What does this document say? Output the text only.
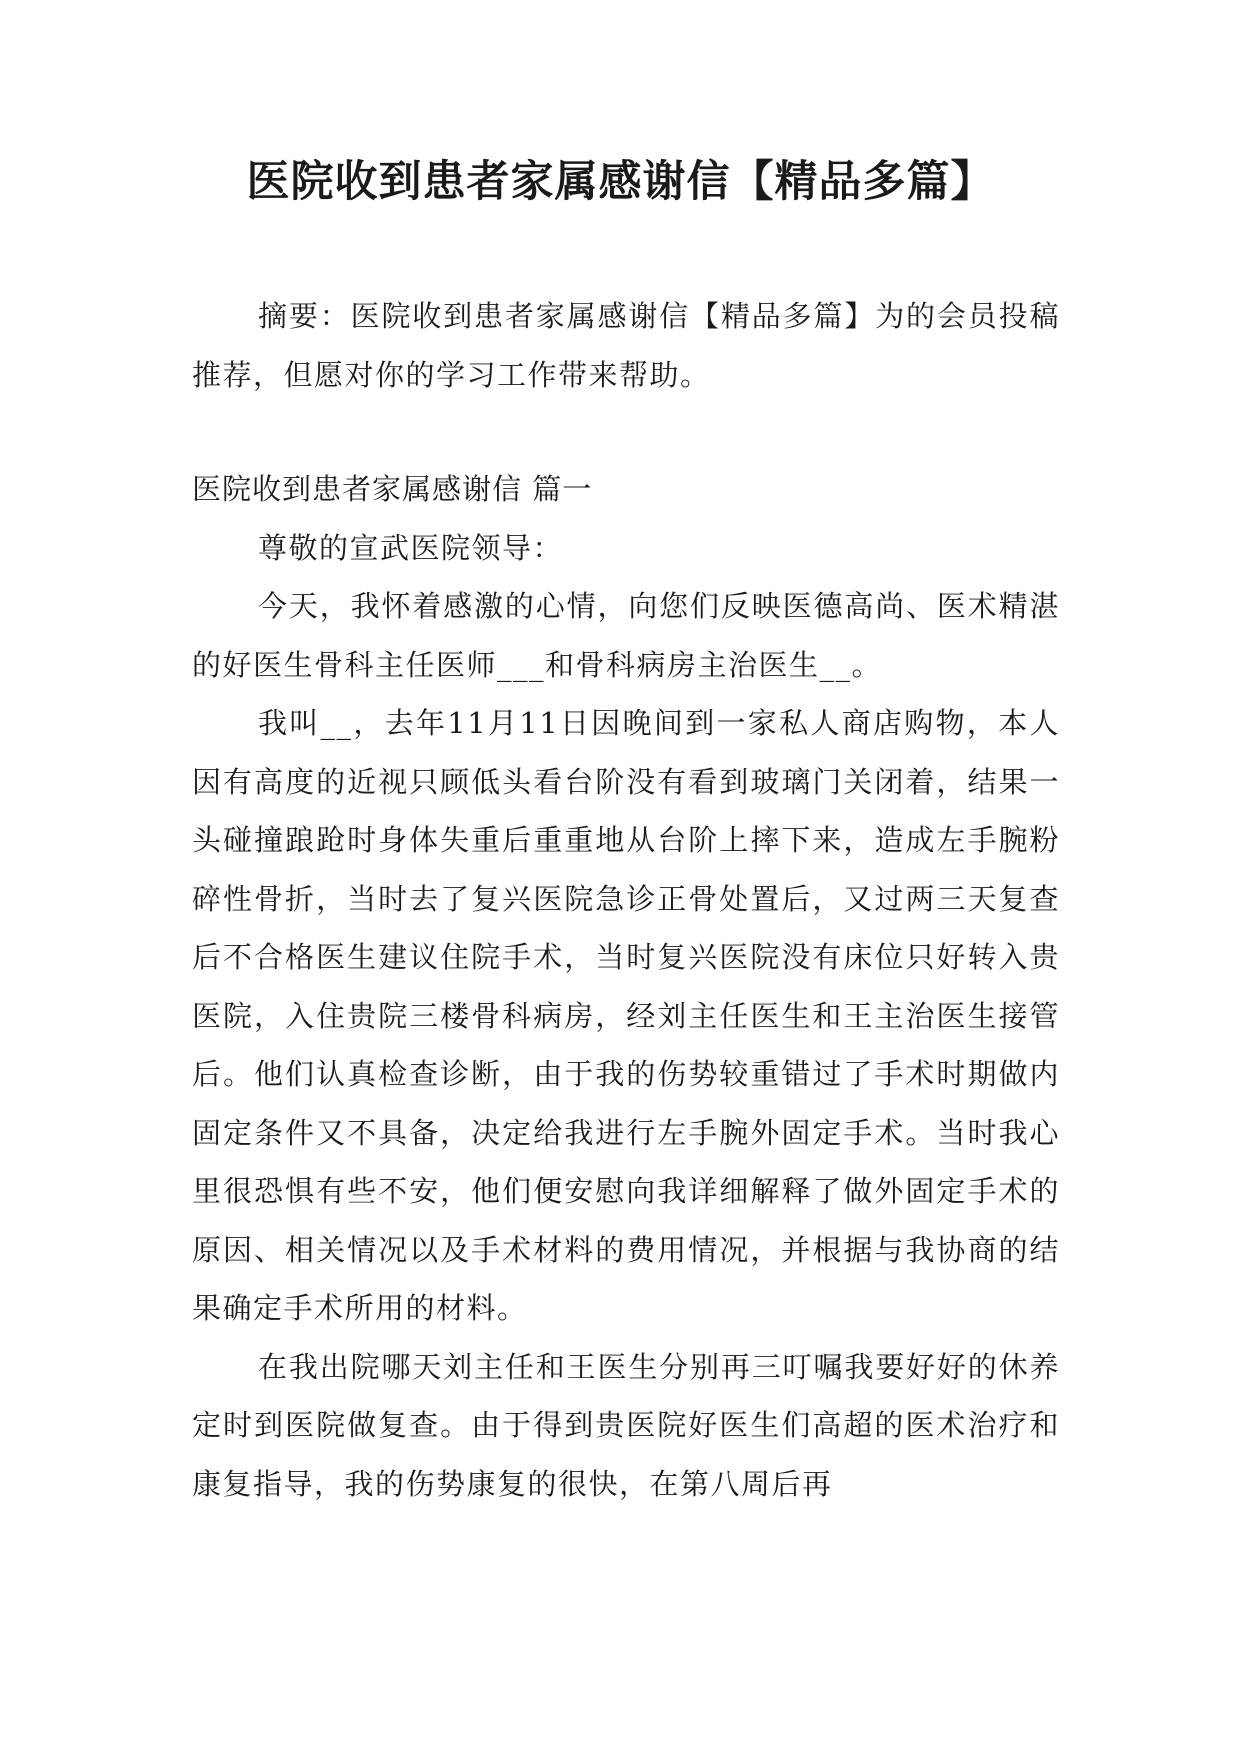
医院收到患者家属感谢信【精品多篇】

摘要：医院收到患者家属感谢信【精品多篇】为的会员投稿推荐，但愿对你的学习工作带来帮助。

医院收到患者家属感谢信 篇一

尊敬的宣武医院领导：

今天，我怀着感激的心情，向您们反映医德高尚、医术精湛的好医生骨科主任医师___和骨科病房主治医生__。

我叫__，去年11月11日因晚间到一家私人商店购物，本人因有高度的近视只顾低头看台阶没有看到玻璃门关闭着，结果一头碰撞踉跄时身体失重后重重地从台阶上摔下来，造成左手腕粉碎性骨折，当时去了复兴医院急诊正骨处置后，又过两三天复查后不合格医生建议住院手术，当时复兴医院没有床位只好转入贵医院，入住贵院三楼骨科病房，经刘主任医生和王主治医生接管后。他们认真检查诊断，由于我的伤势较重错过了手术时期做内固定条件又不具备，决定给我进行左手腕外固定手术。当时我心里很恐惧有些不安，他们便安慰向我详细解释了做外固定手术的原因、相关情况以及手术材料的费用情况，并根据与我协商的结果确定手术所用的材料。

在我出院哪天刘主任和王医生分别再三叮嘱我要好好的休养定时到医院做复查。由于得到贵医院好医生们高超的医术治疗和康复指导，我的伤势康复的很快，在第八周后再
